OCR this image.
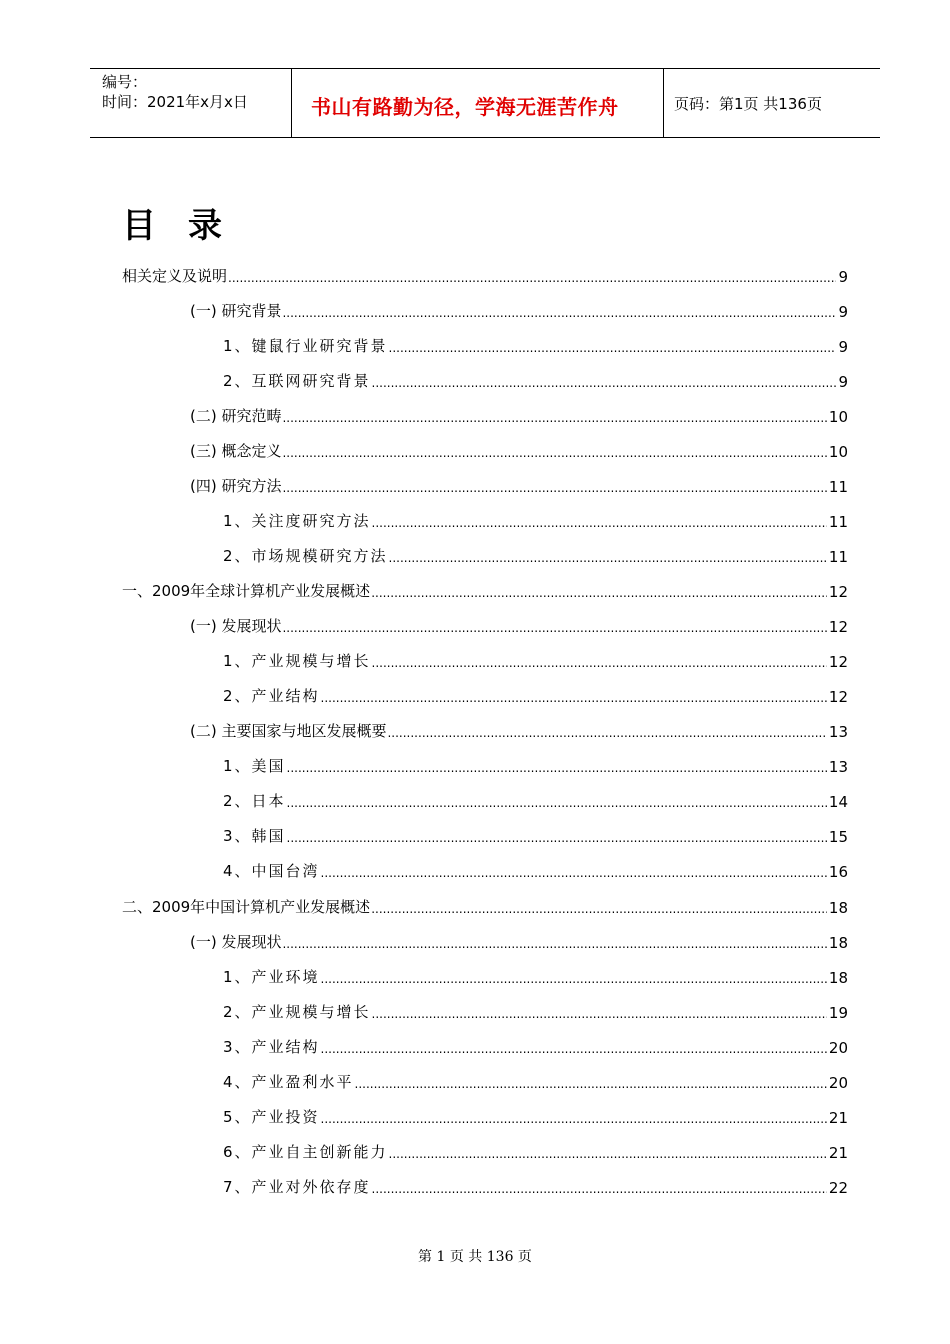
编号：
时间：2021年x月x日	书山有路勤为径，学海无涯苦作舟	页码：第1页 共136页
目 录
相关定义及说明 .....	9
(一) 研究背景 .....	9
1、键鼠行业研究背景 .....	9
2、互联网研究背景 .....	9
(二) 研究范畴 .....	10
(三) 概念定义 .....	10
(四) 研究方法 .....	11
1、关注度研究方法 .....	11
2、市场规模研究方法 .....	11
一、2009年全球计算机产业发展概述 .....	12
(一) 发展现状 .....	12
1、产业规模与增长 .....	12
2、产业结构 .....	12
(二) 主要国家与地区发展概要 .....	13
1、美国 .....	13
2、日本 .....	14
3、韩国 .....	15
4、中国台湾 .....	16
二、2009年中国计算机产业发展概述 .....	18
(一) 发展现状 .....	18
1、产业环境 .....	18
2、产业规模与增长 .....	19
3、产业结构 .....	20
4、产业盈利水平 .....	20
5、产业投资 .....	21
6、产业自主创新能力 .....	21
7、产业对外依存度 .....	22
第 1 页 共 136 页
